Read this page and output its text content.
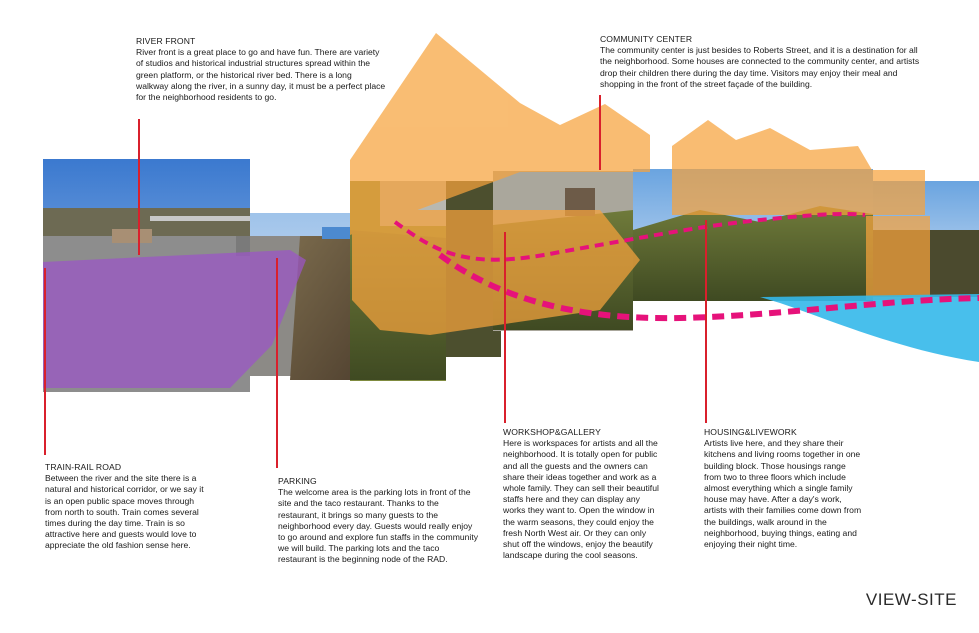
RIVER FRONT
River front is a great place to go and have fun. There are variety of studios and historical industrial structures spread within the green platform, or the historical river bed. There is a long walkway along the river, in a sunny day, it must be a perfect place for the neighborhood residents to go.
COMMUNITY CENTER
The community center is just besides to Roberts Street, and it is a destination for all the neighborhood. Some houses are connected to the community center, and artists drop their children there during the day time. Visitors may enjoy their meal and shopping in the front of the street façade of the building.
TRAIN-RAIL ROAD
Between the river and the site there is a natural and historical corridor, or we say it is an open public space moves through from north to south. Train comes several times during the day time. Train is so attractive here and guests would love to appreciate the old fashion sense here.
PARKING
The welcome area is the parking lots in front of the site and the taco restaurant. Thanks to the restaurant, it brings so many guests to the neighborhood every day. Guests would really enjoy to go around and explore fun staffs in the community we will build. The parking lots and the taco restaurant is the beginning node of the RAD.
WORKSHOP&GALLERY
Here is workspaces for artists and all the neighborhood. It is totally open for public and all the guests and the owners can share their ideas together and work as a whole family. They can sell their beautiful staffs here and they can display any works they want to. Open the window in the warm seasons, they could enjoy the fresh North West air. Or they can only shut off the windows, enjoy the beautify landscape during the cool seasons.
HOUSING&LIVEWORK
Artists live here, and they share their kitchens and living rooms together in one building block. Those housings range from two to three floors which include almost everything which a single family house may have. After a day's work, artists with their families come down from the buildings, walk around in the neighborhood, buying things, eating and enjoying their night time.
VIEW-SITE
